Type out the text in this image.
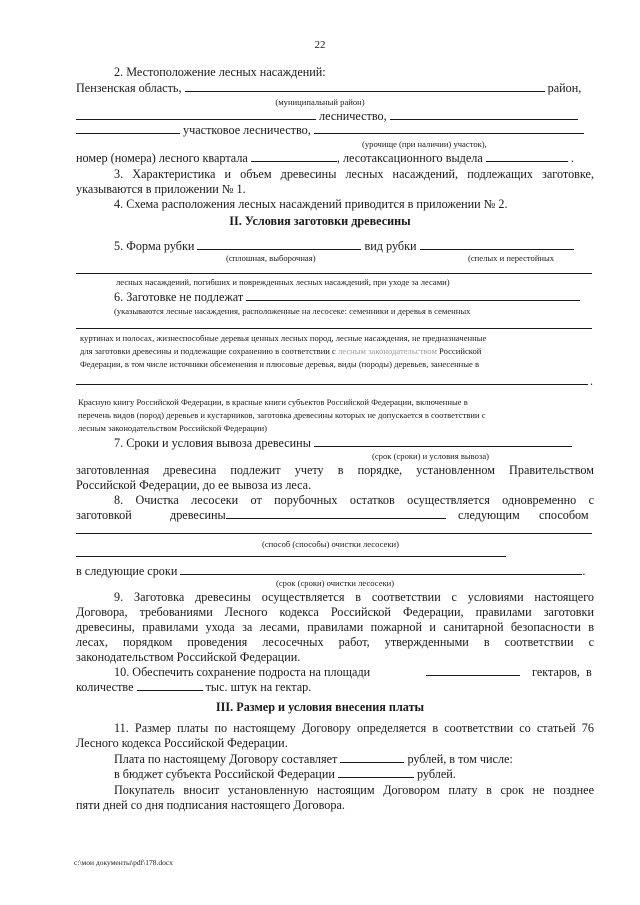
22
2. Местоположение лесных насаждений:
Пензенская область,	район,
(муниципальный район)
лесничество,
участковое лесничество,
(урочище (при наличии) участок),
номер (номера) лесного квартала	, лесотаксационного выдела	.
3. Характеристика и объем древесины лесных насаждений, подлежащих заготовке,
указываются в приложении № 1.
4. Схема расположения лесных насаждений приводится в приложении № 2.
II. Условия заготовки древесины
5. Форма рубки	вид рубки
(сплошная, выборочная)	(спелых и перестойных
лесных насаждений, погибших и поврежденных лесных насаждений, при уходе за лесами)
6. Заготовке не подлежат
(указываются лесные насаждения, расположенные на лесосеке: семенники и деревья в семенных
куртинах и полосах, жизнеспособные деревья ценных лесных пород, лесные насаждения, не предназначенные
для заготовки древесины и подлежащие сохранению в соответствии с лесным законодательством Российской
Федерации, в том числе источники обсеменения и плюсовые деревья, виды (породы) деревьев, занесенные в
.
Красную книгу Российской Федерации, в красные книги субъектов Российской Федерации, включенные в
перечень видов (пород) деревьев и кустарников, заготовка древесины которых не допускается в соответствии с
лесным законодательством Российской Федерации)
7. Сроки и условия вывоза древесины
(срок (сроки) и условия вывоза)
заготовленная древесина подлежит учету в порядке, установленном Правительством
Российской Федерации, до ее вывоза из леса.
8. Очистка лесосеки от порубочных остатков осуществляется одновременно с
заготовкой	древесины	следующим способом
(способ (способы) очистки лесосеки)
в следующие сроки	.
(срок (сроки) очистки лесосеки)
9. Заготовка древесины осуществляется в соответствии с условиями настоящего
Договора, требованиями Лесного кодекса Российской Федерации, правилами заготовки
древесины, правилами ухода за лесами, правилами пожарной и санитарной безопасности в
лесах, порядком проведения лесосечных работ, утвержденными в соответствии с
законодательством Российской Федерации.
10. Обеспечить сохранение подроста на площади	гектаров, в
количестве	тыс. штук на гектар.
III. Размер и условия внесения платы
11. Размер платы по настоящему Договору определяется в соответствии со статьей 76
Лесного кодекса Российской Федерации.
Плата по настоящему Договору составляет	рублей, в том числе:
в бюджет субъекта Российской Федерации	рублей.
Покупатель вносит установленную настоящим Договором плату в срок не позднее
пяти дней со дня подписания настоящего Договора.
c:\мои документы\pdf\178.docx
